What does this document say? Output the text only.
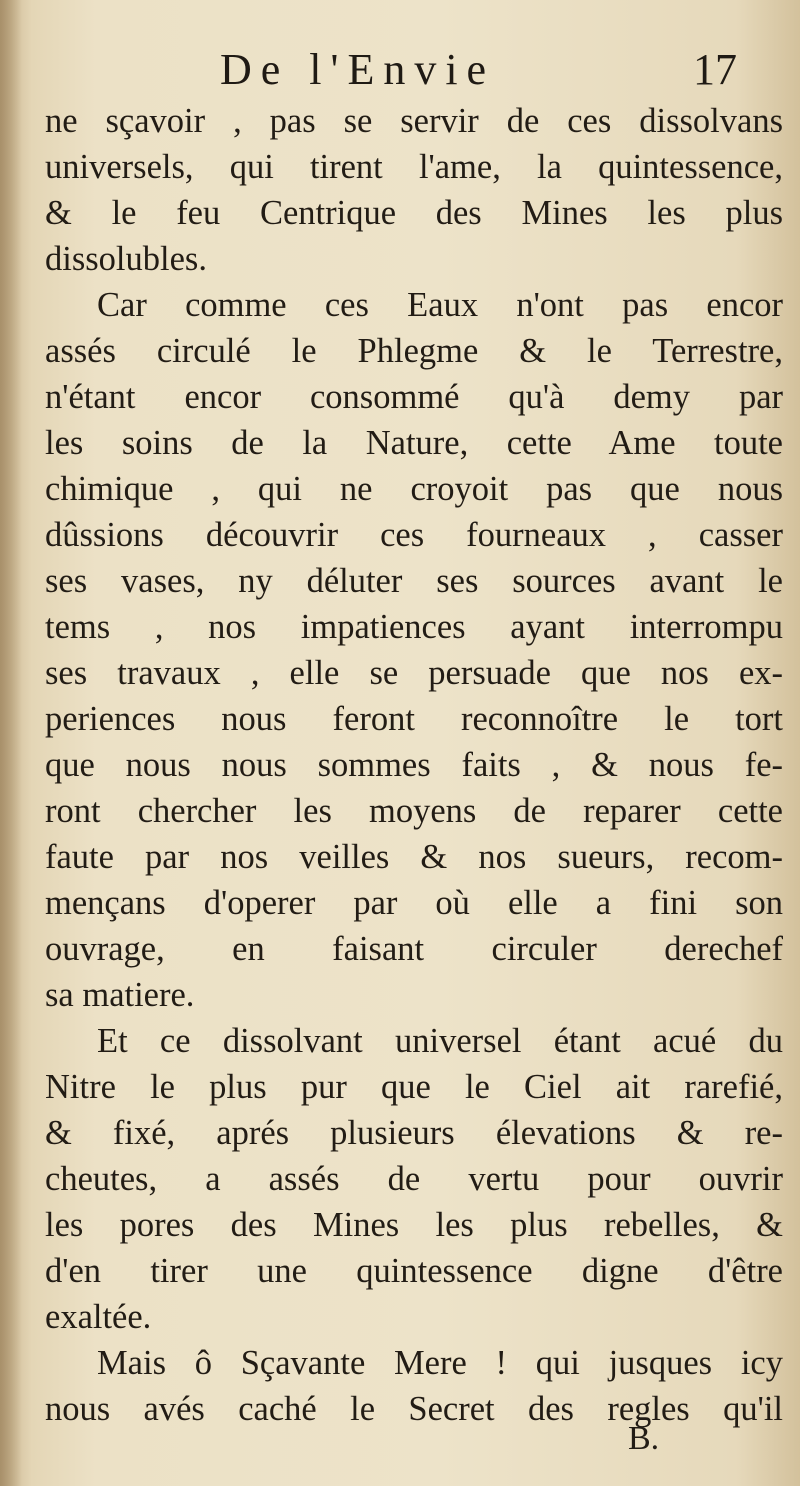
De l'Envie	17
ne sçavoir , pas se servir de ces dissolvans
universels, qui tirent l'ame, la quintessence,
& le feu Centrique des Mines les plus
dissolubles.
Car comme ces Eaux n'ont pas encor
assés circulé le Phlegme & le Terrestre,
n'étant encor consommé qu'à demy par
les soins de la Nature, cette Ame toute
chimique , qui ne croyoit pas que nous
dûssions découvrir ces fourneaux , casser
ses vases, ny déluter ses sources avant le
tems , nos impatiences ayant interrompu
ses travaux , elle se persuade que nos ex-
periences nous feront reconnoître le tort
que nous nous sommes faits , & nous fe-
ront chercher les moyens de reparer cette
faute par nos veilles & nos sueurs, recom-
mençans d'operer par où elle a fini son
ouvrage, en faisant circuler derechef
sa matiere.
Et ce dissolvant universel étant acué du
Nitre le plus pur que le Ciel ait rarefié,
& fixé, aprés plusieurs élevations & re-
cheutes, a assés de vertu pour ouvrir
les pores des Mines les plus rebelles, &
d'en tirer une quintessence digne d'être
exaltée.
Mais ô Sçavante Mere ! qui jusques icy
nous avés caché le Secret des regles qu'il
B.
